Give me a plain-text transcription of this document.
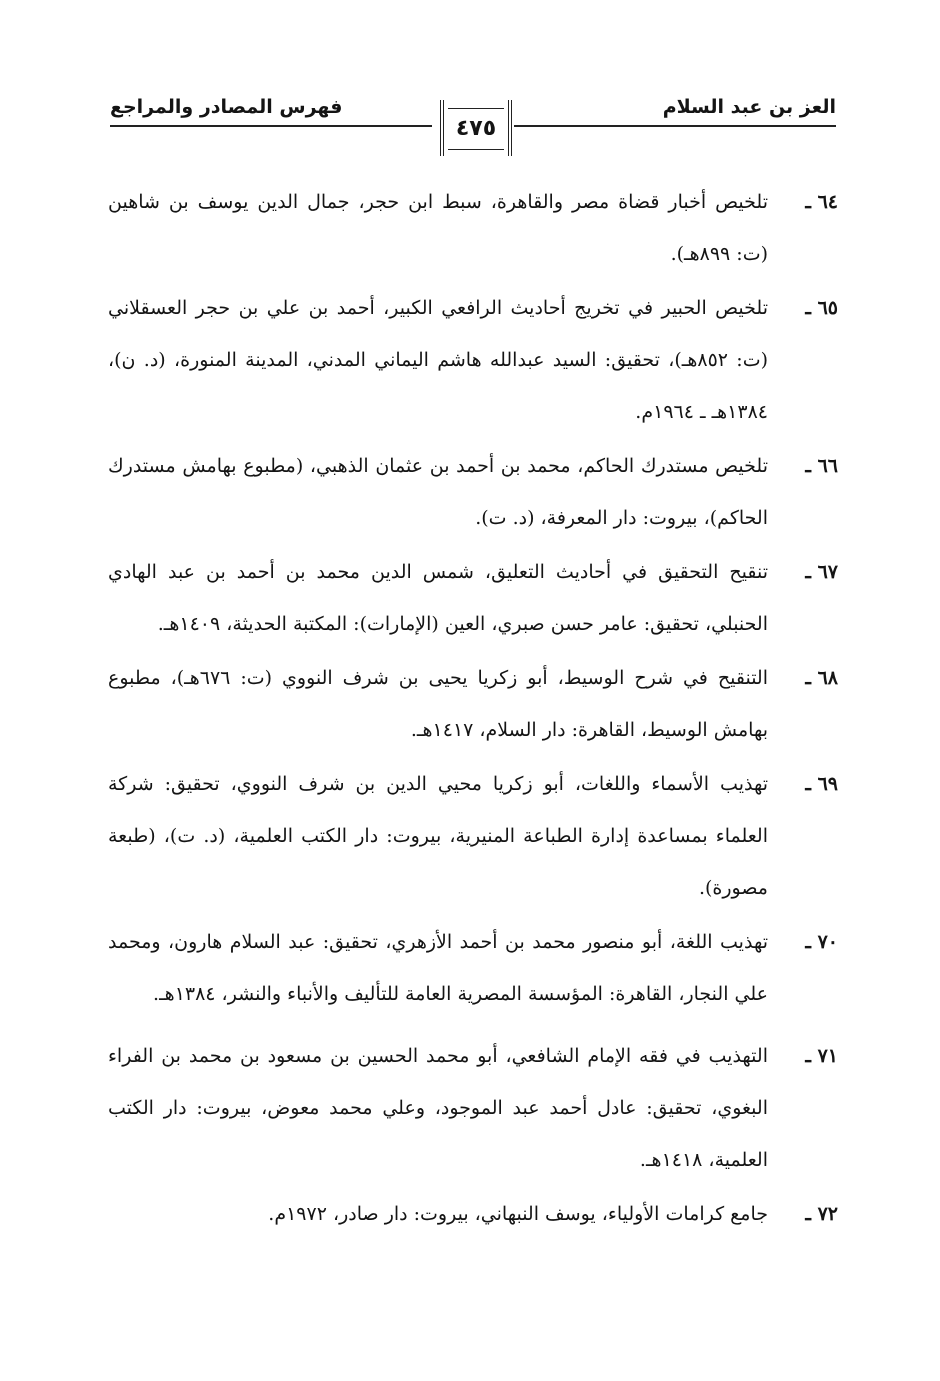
العز بن عبد السلام
فهرس المصادر والمراجع
٤٧٥
٦٤ ـ
تلخيص أخبار قضاة مصر والقاهرة، سبط ابن حجر، جمال الدين يوسف بن شاهين (ت: ٨٩٩هـ).
٦٥ ـ
تلخيص الحبير في تخريج أحاديث الرافعي الكبير، أحمد بن علي بن حجر العسقلاني (ت: ٨٥٢هـ)، تحقيق: السيد عبدالله هاشم اليماني المدني، المدينة المنورة، (د. ن)، ١٣٨٤هـ ـ ١٩٦٤م.
٦٦ ـ
تلخيص مستدرك الحاكم، محمد بن أحمد بن عثمان الذهبي، (مطبوع بهامش مستدرك الحاكم)، بيروت: دار المعرفة، (د. ت).
٦٧ ـ
تنقيح التحقيق في أحاديث التعليق، شمس الدين محمد بن أحمد بن عبد الهادي الحنبلي، تحقيق: عامر حسن صبري، العين (الإمارات): المكتبة الحديثة، ١٤٠٩هـ.
٦٨ ـ
التنقيح في شرح الوسيط، أبو زكريا يحيى بن شرف النووي (ت: ٦٧٦هـ)، مطبوع بهامش الوسيط، القاهرة: دار السلام، ١٤١٧هـ.
٦٩ ـ
تهذيب الأسماء واللغات، أبو زكريا محيي الدين بن شرف النووي، تحقيق: شركة العلماء بمساعدة إدارة الطباعة المنيرية، بيروت: دار الكتب العلمية، (د. ت)، (طبعة مصورة).
٧٠ ـ
تهذيب اللغة، أبو منصور محمد بن أحمد الأزهري، تحقيق: عبد السلام هارون، ومحمد علي النجار، القاهرة: المؤسسة المصرية العامة للتأليف والأنباء والنشر، ١٣٨٤هـ.
٧١ ـ
التهذيب في فقه الإمام الشافعي، أبو محمد الحسين بن مسعود بن محمد بن الفراء البغوي، تحقيق: عادل أحمد عبد الموجود، وعلي محمد معوض، بيروت: دار الكتب العلمية، ١٤١٨هـ.
٧٢ ـ
جامع كرامات الأولياء، يوسف النبهاني، بيروت: دار صادر، ١٩٧٢م.
